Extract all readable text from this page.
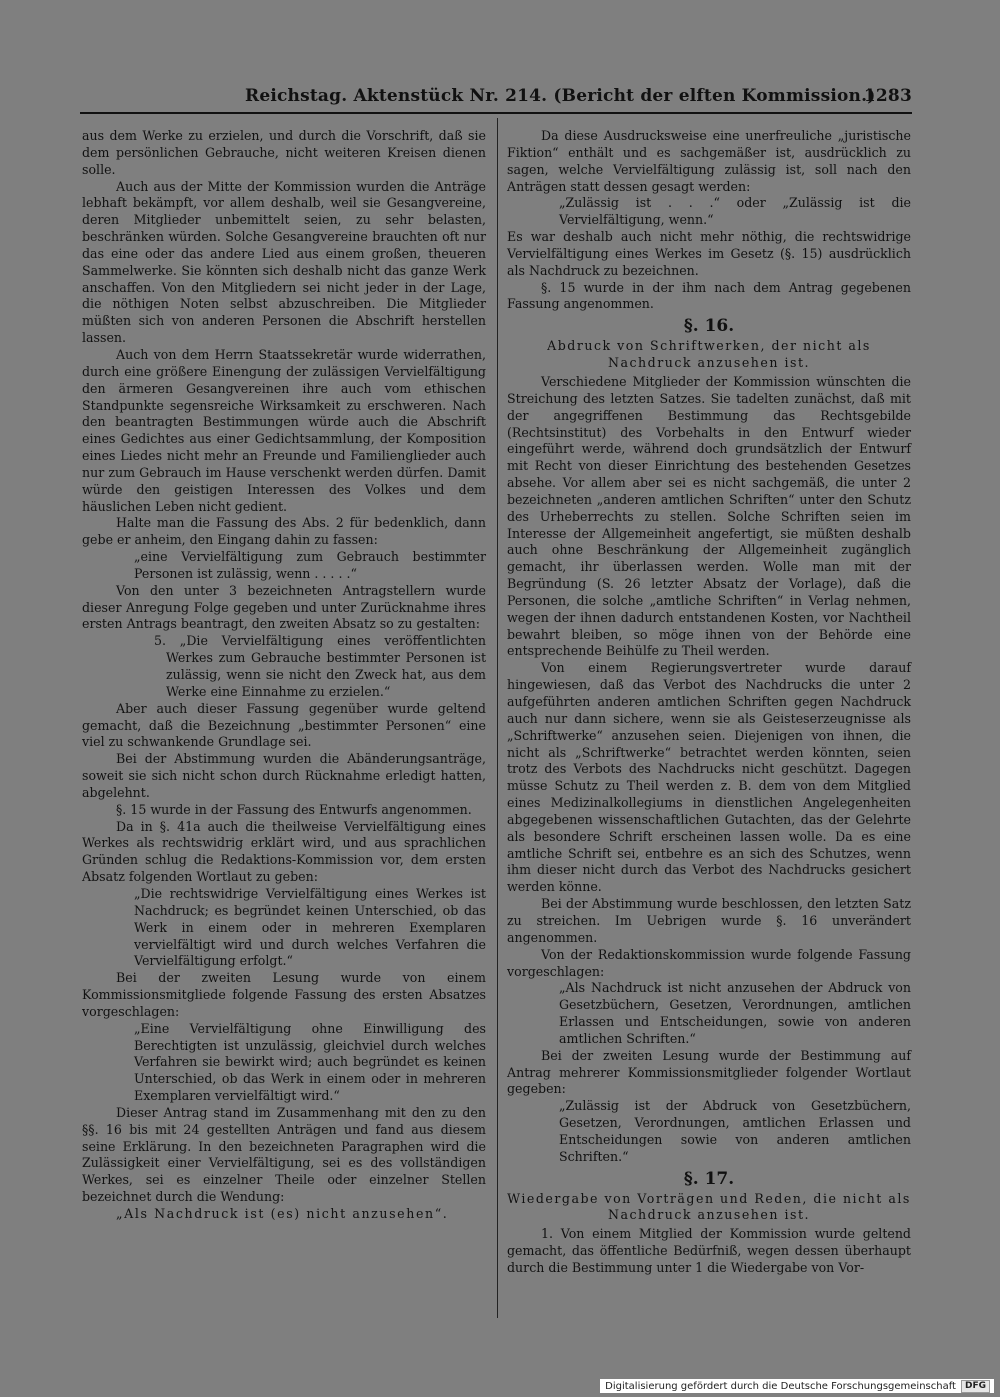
Reichstag. Aktenstück Nr. 214. (Bericht der elften Kommission.)
1283

aus dem Werke zu erzielen, und durch die Vorschrift, daß sie dem persönlichen Gebrauche, nicht weiteren Kreisen dienen solle.

Auch aus der Mitte der Kommission wurden die Anträge lebhaft bekämpft, vor allem deshalb, weil sie Gesangvereine, deren Mitglieder unbemittelt seien, zu sehr belasten, beschränken würden. Solche Gesangvereine brauchten oft nur das eine oder das andere Lied aus einem großen, theueren Sammelwerke. Sie könnten sich deshalb nicht das ganze Werk anschaffen. Von den Mitgliedern sei nicht jeder in der Lage, die nöthigen Noten selbst abzuschreiben. Die Mitglieder müßten sich von anderen Personen die Abschrift herstellen lassen.

Auch von dem Herrn Staatssekretär wurde widerrathen, durch eine größere Einengung der zulässigen Vervielfältigung den ärmeren Gesangvereinen ihre auch vom ethischen Standpunkte segensreiche Wirksamkeit zu erschweren. Nach den beantragten Bestimmungen würde auch die Abschrift eines Gedichtes aus einer Gedichtsammlung, der Komposition eines Liedes nicht mehr an Freunde und Familienglieder auch nur zum Gebrauch im Hause verschenkt werden dürfen. Damit würde den geistigen Interessen des Volkes und dem häuslichen Leben nicht gedient.

Halte man die Fassung des Abs. 2 für bedenklich, dann gebe er anheim, den Eingang dahin zu fassen:

„eine Vervielfältigung zum Gebrauch bestimmter Personen ist zulässig, wenn . . . . .“

Von den unter 3 bezeichneten Antragstellern wurde dieser Anregung Folge gegeben und unter Zurücknahme ihres ersten Antrags beantragt, den zweiten Absatz so zu gestalten:

5. „Die Vervielfältigung eines veröffentlichten Werkes zum Gebrauche bestimmter Personen ist zulässig, wenn sie nicht den Zweck hat, aus dem Werke eine Einnahme zu erzielen.“

Aber auch dieser Fassung gegenüber wurde geltend gemacht, daß die Bezeichnung „bestimmter Personen“ eine viel zu schwankende Grundlage sei.

Bei der Abstimmung wurden die Abänderungsanträge, soweit sie sich nicht schon durch Rücknahme erledigt hatten, abgelehnt.

§. 15 wurde in der Fassung des Entwurfs angenommen.

Da in §. 41a auch die theilweise Vervielfältigung eines Werkes als rechtswidrig erklärt wird, und aus sprachlichen Gründen schlug die Redaktions-Kommission vor, dem ersten Absatz folgenden Wortlaut zu geben:

„Die rechtswidrige Vervielfältigung eines Werkes ist Nachdruck; es begründet keinen Unterschied, ob das Werk in einem oder in mehreren Exemplaren vervielfältigt wird und durch welches Verfahren die Vervielfältigung erfolgt.“

Bei der zweiten Lesung wurde von einem Kommissionsmitgliede folgende Fassung des ersten Absatzes vorgeschlagen:

„Eine Vervielfältigung ohne Einwilligung des Berechtigten ist unzulässig, gleichviel durch welches Verfahren sie bewirkt wird; auch begründet es keinen Unterschied, ob das Werk in einem oder in mehreren Exemplaren vervielfältigt wird.“

Dieser Antrag stand im Zusammenhang mit den zu den §§. 16 bis mit 24 gestellten Anträgen und fand aus diesem seine Erklärung. In den bezeichneten Paragraphen wird die Zulässigkeit einer Vervielfältigung, sei es des vollständigen Werkes, sei es einzelner Theile oder einzelner Stellen bezeichnet durch die Wendung:

„Als Nachdruck ist (es) nicht anzusehen“.

Da diese Ausdrucksweise eine unerfreuliche „juristische Fiktion“ enthält und es sachgemäßer ist, ausdrücklich zu sagen, welche Vervielfältigung zulässig ist, soll nach den Anträgen statt dessen gesagt werden:

„Zulässig ist . . .“ oder „Zulässig ist die Vervielfältigung, wenn.“

Es war deshalb auch nicht mehr nöthig, die rechtswidrige Vervielfältigung eines Werkes im Gesetz (§. 15) ausdrücklich als Nachdruck zu bezeichnen.

§. 15 wurde in der ihm nach dem Antrag gegebenen Fassung angenommen.

§. 16.
Abdruck von Schriftwerken, der nicht als Nachdruck anzusehen ist.

Verschiedene Mitglieder der Kommission wünschten die Streichung des letzten Satzes. Sie tadelten zunächst, daß mit der angegriffenen Bestimmung das Rechtsgebilde (Rechtsinstitut) des Vorbehalts in den Entwurf wieder eingeführt werde, während doch grundsätzlich der Entwurf mit Recht von dieser Einrichtung des bestehenden Gesetzes absehe. Vor allem aber sei es nicht sachgemäß, die unter 2 bezeichneten „anderen amtlichen Schriften“ unter den Schutz des Urheberrechts zu stellen. Solche Schriften seien im Interesse der Allgemeinheit angefertigt, sie müßten deshalb auch ohne Beschränkung der Allgemeinheit zugänglich gemacht, ihr überlassen werden. Wolle man mit der Begründung (S. 26 letzter Absatz der Vorlage), daß die Personen, die solche „amtliche Schriften“ in Verlag nehmen, wegen der ihnen dadurch entstandenen Kosten, vor Nachtheil bewahrt bleiben, so möge ihnen von der Behörde eine entsprechende Beihülfe zu Theil werden.

Von einem Regierungsvertreter wurde darauf hingewiesen, daß das Verbot des Nachdrucks die unter 2 aufgeführten anderen amtlichen Schriften gegen Nachdruck auch nur dann sichere, wenn sie als Geisteserzeugnisse als „Schriftwerke“ anzusehen seien. Diejenigen von ihnen, die nicht als „Schriftwerke“ betrachtet werden könnten, seien trotz des Verbots des Nachdrucks nicht geschützt. Dagegen müsse Schutz zu Theil werden z. B. dem von dem Mitglied eines Medizinalkollegiums in dienstlichen Angelegenheiten abgegebenen wissenschaftlichen Gutachten, das der Gelehrte als besondere Schrift erscheinen lassen wolle. Da es eine amtliche Schrift sei, entbehre es an sich des Schutzes, wenn ihm dieser nicht durch das Verbot des Nachdrucks gesichert werden könne.

Bei der Abstimmung wurde beschlossen, den letzten Satz zu streichen. Im Uebrigen wurde §. 16 unverändert angenommen.

Von der Redaktionskommission wurde folgende Fassung vorgeschlagen:

„Als Nachdruck ist nicht anzusehen der Abdruck von Gesetzbüchern, Gesetzen, Verordnungen, amtlichen Erlassen und Entscheidungen, sowie von anderen amtlichen Schriften.“

Bei der zweiten Lesung wurde der Bestimmung auf Antrag mehrerer Kommissionsmitglieder folgender Wortlaut gegeben:

„Zulässig ist der Abdruck von Gesetzbüchern, Gesetzen, Verordnungen, amtlichen Erlassen und Entscheidungen sowie von anderen amtlichen Schriften.“

§. 17.
Wiedergabe von Vorträgen und Reden, die nicht als Nachdruck anzusehen ist.

1. Von einem Mitglied der Kommission wurde geltend gemacht, das öffentliche Bedürfniß, wegen dessen überhaupt durch die Bestimmung unter 1 die Wiedergabe von Vor-

Digitalisierung gefördert durch die Deutsche Forschungsgemeinschaft	DFG
